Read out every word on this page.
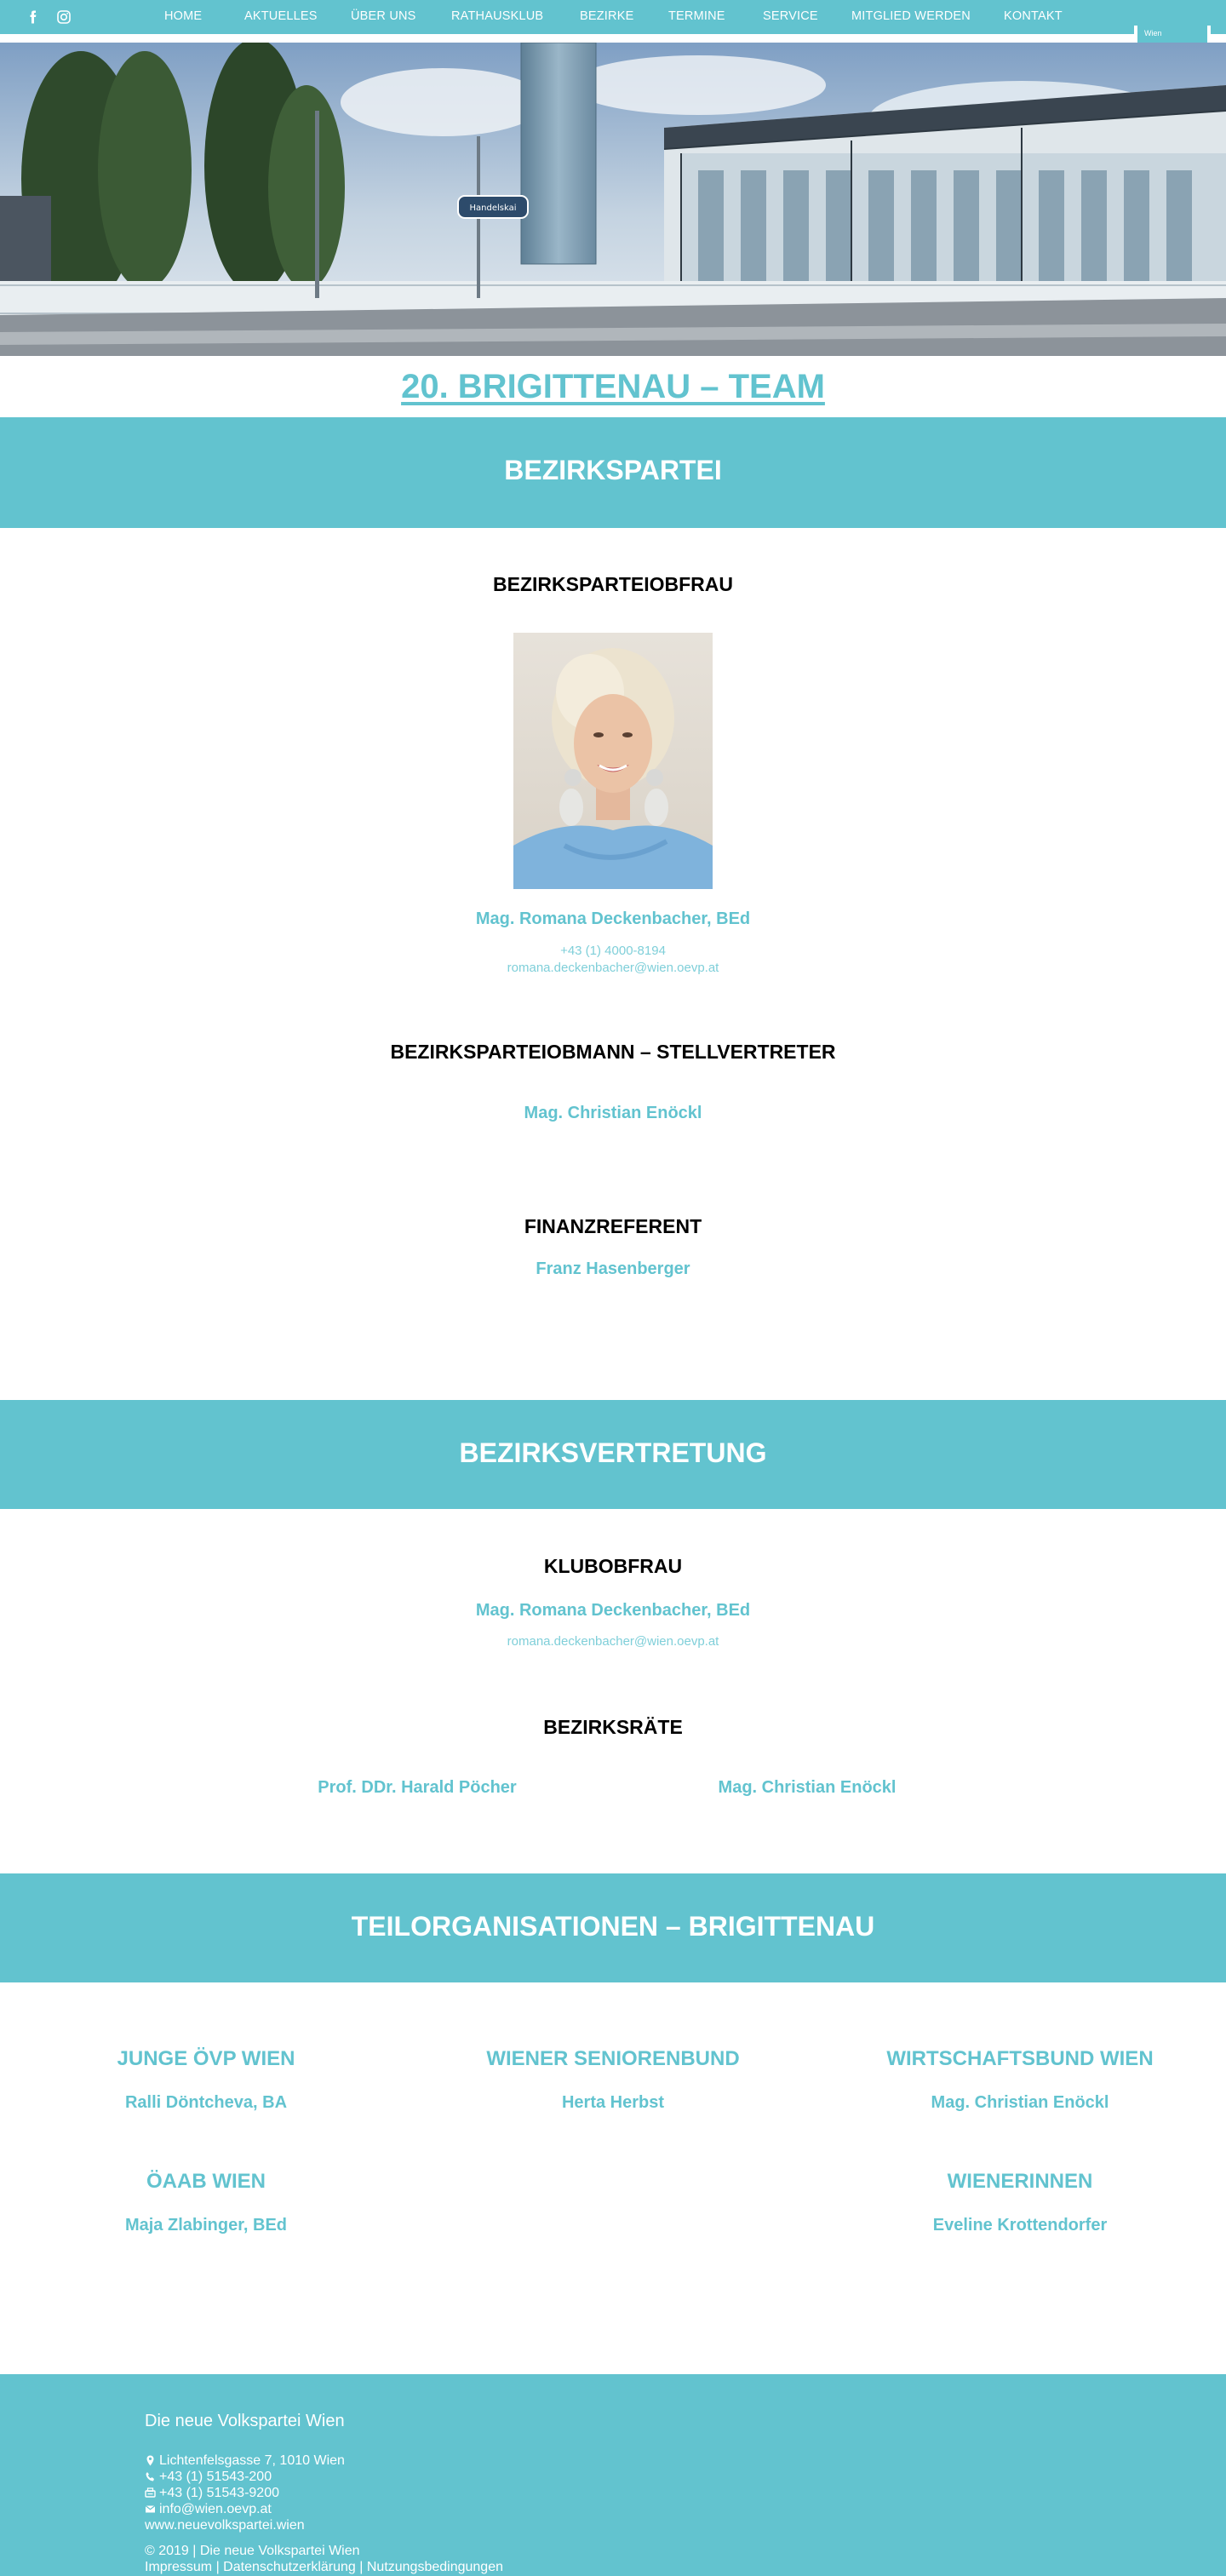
HOME	AKTUELLES	ÜBER UNS	RATHAUSKLUB	BEZIRKE	TERMINE	SERVICE	MITGLIED WERDEN	KONTAKT
Wien
Handelskai
20. BRIGITTENAU – TEAM
BEZIRKSPARTEI
BEZIRKSPARTEIOBFRAU
Mag. Romana Deckenbacher, BEd
+43 (1) 4000-8194
romana.deckenbacher@wien.oevp.at
BEZIRKSPARTEIOBMANN – STELLVERTRETER
Mag. Christian Enöckl
FINANZREFERENT
Franz Hasenberger
BEZIRKSVERTRETUNG
KLUBOBFRAU
Mag. Romana Deckenbacher, BEd
romana.deckenbacher@wien.oevp.at
BEZIRKSRÄTE
Prof. DDr. Harald Pöcher	Mag. Christian Enöckl
TEILORGANISATIONEN – BRIGITTENAU
JUNGE ÖVP WIEN
Ralli Döntcheva, BA
WIENER SENIORENBUND
Herta Herbst
WIRTSCHAFTSBUND WIEN
Mag. Christian Enöckl
ÖAAB WIEN
Maja Zlabinger, BEd
WIENERINNEN
Eveline Krottendorfer
Die neue Volkspartei Wien
Lichtenfelsgasse 7, 1010 Wien
+43 (1) 51543-200
+43 (1) 51543-9200
info@wien.oevp.at
www.neuevolkspartei.wien
© 2019 | Die neue Volkspartei Wien
Impressum | Datenschutzerklärung | Nutzungsbedingungen
